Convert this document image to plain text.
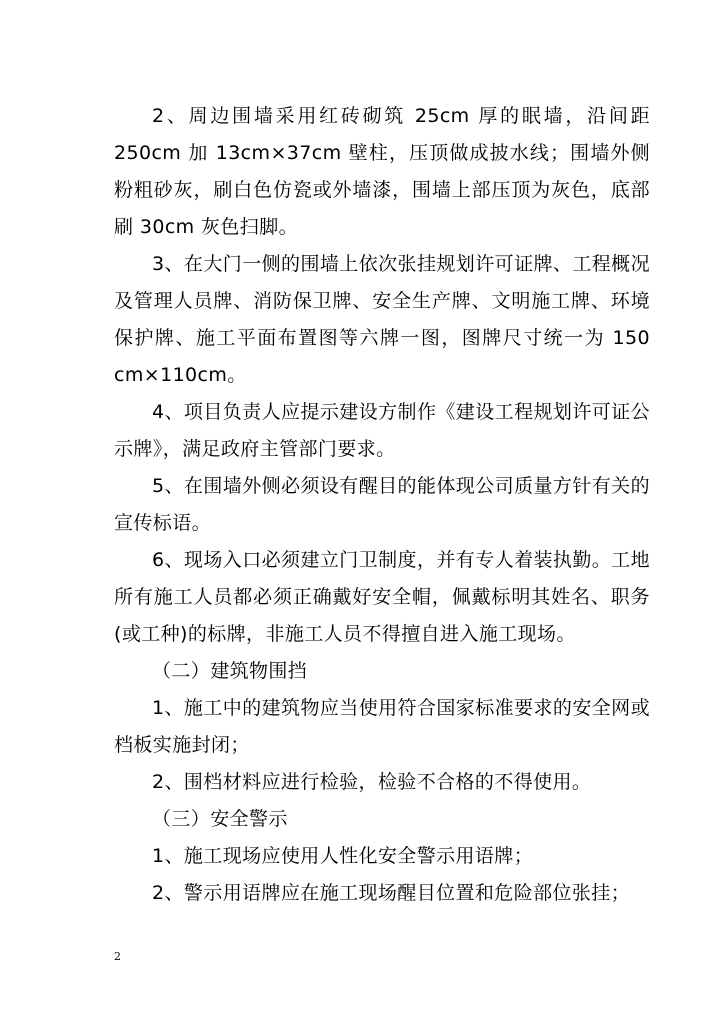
2、周边围墙采用红砖砌筑 25cm 厚的眠墙，沿间距 250cm 加 13cm×37cm 壁柱，压顶做成披水线；围墙外侧粉粗砂灰，刷白色仿瓷或外墙漆，围墙上部压顶为灰色，底部刷 30cm 灰色扫脚。

3、在大门一侧的围墙上依次张挂规划许可证牌、工程概况及管理人员牌、消防保卫牌、安全生产牌、文明施工牌、环境保护牌、施工平面布置图等六牌一图，图牌尺寸统一为 150 cm×110cm。

4、项目负责人应提示建设方制作《建设工程规划许可证公示牌》，满足政府主管部门要求。

5、在围墙外侧必须设有醒目的能体现公司质量方针有关的宣传标语。

6、现场入口必须建立门卫制度，并有专人着装执勤。工地所有施工人员都必须正确戴好安全帽，佩戴标明其姓名、职务(或工种)的标牌，非施工人员不得擅自进入施工现场。

（二）建筑物围挡

1、施工中的建筑物应当使用符合国家标准要求的安全网或档板实施封闭；

2、围档材料应进行检验，检验不合格的不得使用。

（三）安全警示

1、施工现场应使用人性化安全警示用语牌；

2、警示用语牌应在施工现场醒目位置和危险部位张挂；

2
